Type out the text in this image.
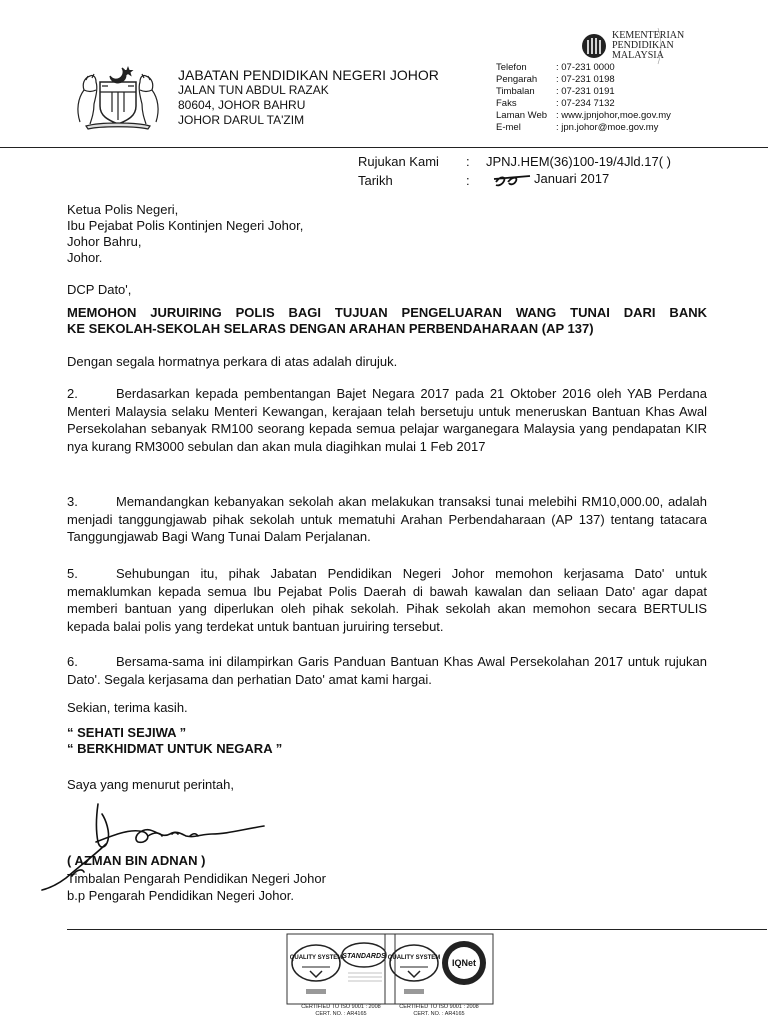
JABATAN PENDIDIKAN NEGERI JOHOR
JALAN TUN ABDUL RAZAK
80604, JOHOR BAHRU
JOHOR DARUL TA'ZIM
KEMENTERIAN
PENDIDIKAN
MALAYSIA
Telefon	: 07-231 0000
Pengarah	: 07-231 0198
Timbalan	: 07-231 0191
Faks	: 07-234 7132
Laman Web : www.jpnjohor,moe.gov.my
E-mel	: jpn.johor@moe.gov.my
Rujukan Kami	:	JPNJ.HEM(36)100-19/4Jld.17( )
Tarikh	:	Januari 2017
Ketua Polis Negeri,
Ibu Pejabat Polis Kontinjen Negeri Johor,
Johor Bahru,
Johor.
DCP Dato',
MEMOHON JURUIRING POLIS BAGI TUJUAN PENGELUARAN WANG TUNAI DARI BANK
KE SEKOLAH-SEKOLAH SELARAS DENGAN ARAHAN PERBENDAHARAAN (AP 137)
Dengan segala hormatnya perkara di atas adalah dirujuk.
2.	Berdasarkan kepada pembentangan Bajet Negara 2017 pada 21 Oktober 2016 oleh YAB Perdana Menteri Malaysia selaku Menteri Kewangan, kerajaan telah bersetuju untuk meneruskan Bantuan Khas Awal Persekolahan sebanyak RM100 seorang kepada semua pelajar warganegara Malaysia yang pendapatan KIR nya kurang RM3000 sebulan dan akan mula diagihkan mulai 1 Feb 2017
3.	Memandangkan kebanyakan sekolah akan melakukan transaksi tunai melebihi RM10,000.00, adalah menjadi tanggungjawab pihak sekolah untuk mematuhi Arahan Perbendaharaan (AP 137) tentang tatacara Tanggungjawab Bagi Wang Tunai Dalam Perjalanan.
5.	Sehubungan itu, pihak Jabatan Pendidikan Negeri Johor memohon kerjasama Dato' untuk memaklumkan kepada semua Ibu Pejabat Polis Daerah di bawah kawalan dan seliaan Dato' agar dapat memberi bantuan yang diperlukan oleh pihak sekolah. Pihak sekolah akan memohon secara BERTULIS kepada balai polis yang terdekat untuk bantuan juruiring tersebut.
6.	Bersama-sama ini dilampirkan Garis Panduan Bantuan Khas Awal Persekolahan 2017 untuk rujukan Dato'. Segala kerjasama dan perhatian Dato' amat kami hargai.
Sekian, terima kasih.
“ SEHATI SEJIWA ”
“ BERKHIDMAT UNTUK NEGARA ”
Saya yang menurut perintah,
( AZMAN BIN ADNAN )
Timbalan Pengarah Pendidikan Negeri Johor
b.p Pengarah Pendidikan Negeri Johor.
QUALITY SYSTEM STANDARDS QUALITY SYSTEM IQNet
CERTIFIED TO ISO 9001 : 2008
CERT. NO. : AR4165
CERTIFIED TO ISO 9001 : 2008
CERT. NO. : AR4165
